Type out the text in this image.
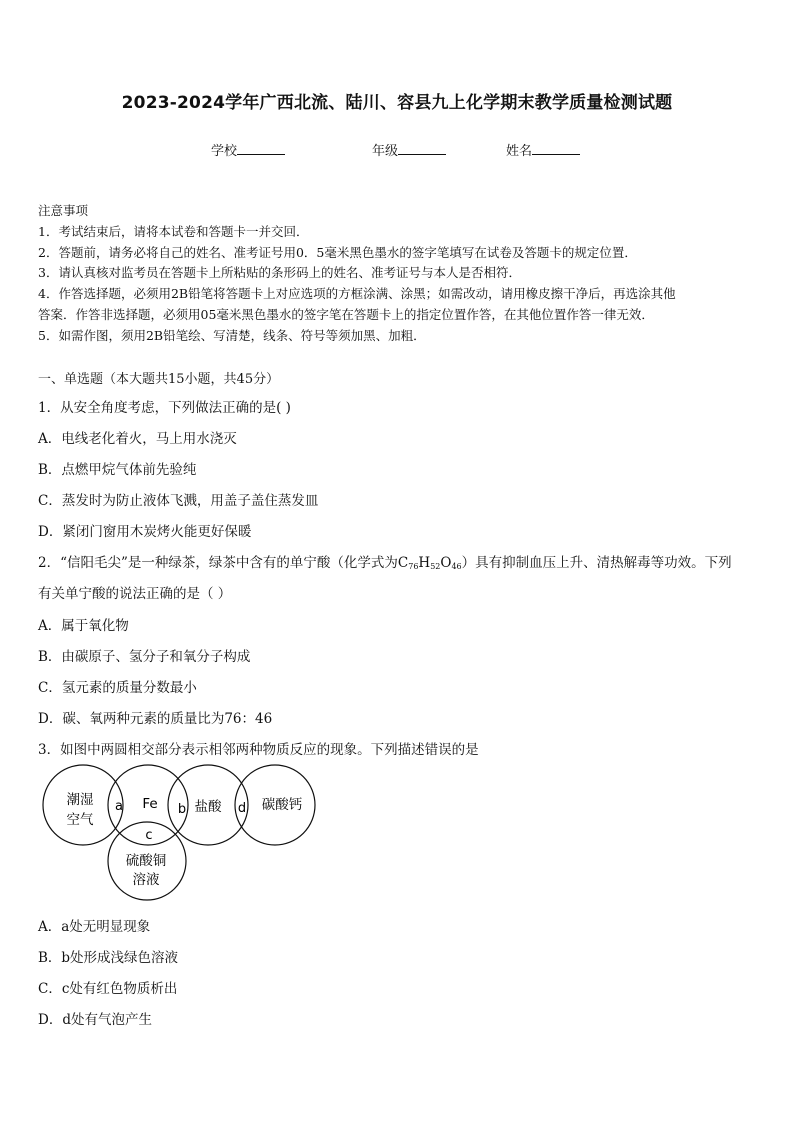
2023-2024学年广西北流、陆川、容县九上化学期末教学质量检测试题
学校	年级	姓名
注意事项
1．考试结束后，请将本试卷和答题卡一并交回．
2．答题前，请务必将自己的姓名、准考证号用0．5毫米黑色墨水的签字笔填写在试卷及答题卡的规定位置．
3．请认真核对监考员在答题卡上所粘贴的条形码上的姓名、准考证号与本人是否相符．
4．作答选择题，必须用2B铅笔将答题卡上对应选项的方框涂满、涂黑；如需改动，请用橡皮擦干净后，再选涂其他
答案．作答非选择题，必须用05毫米黑色墨水的签字笔在答题卡上的指定位置作答，在其他位置作答一律无效．
5．如需作图，须用2B铅笔绘、写清楚，线条、符号等须加黑、加粗．
一、单选题（本大题共15小题，共45分）
1．从安全角度考虑，下列做法正确的是( )
A．电线老化着火，马上用水浇灭
B．点燃甲烷气体前先验纯
C．蒸发时为防止液体飞溅，用盖子盖住蒸发皿
D．紧闭门窗用木炭烤火能更好保暖
2．“信阳毛尖”是一种绿茶，绿茶中含有的单宁酸（化学式为$C_{76}H_{52}O_{46}$）具有抑制血压上升、清热解毒等功效。下列
有关单宁酸的说法正确的是（ ）
A．属于氧化物
B．由碳原子、氢分子和氧分子构成
C．氢元素的质量分数最小
D．碳、氧两种元素的质量比为76：46
3．如图中两圆相交部分表示相邻两种物质反应的现象。下列描述错误的是
潮湿
空气
Fe	盐酸	碳酸钙
硫酸铜
溶液
a	b
c
d
A．a处无明显现象
B．b处形成浅绿色溶液
C．c处有红色物质析出
D．d处有气泡产生
